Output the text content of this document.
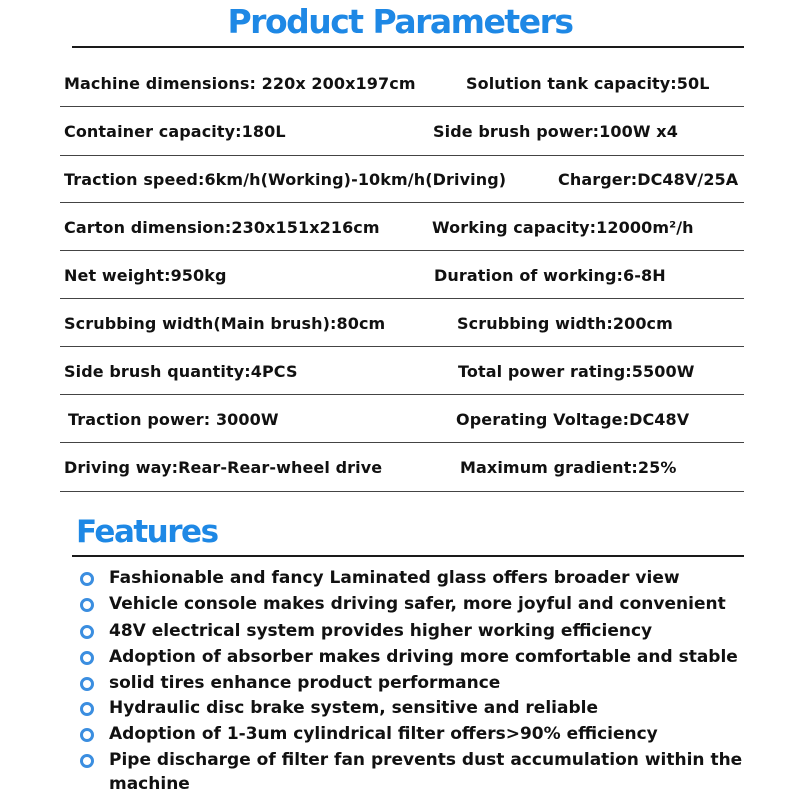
Product Parameters
Machine dimensions: 220x 200x197cm	Solution tank capacity:50L
Container capacity:180L	Side brush power:100W x4
Traction speed:6km/h(Working)-10km/h(Driving)	Charger:DC48V/25A
Carton dimension:230x151x216cm	Working capacity:12000m²/h
Net weight:950kg	Duration of working:6-8H
Scrubbing width(Main brush):80cm	Scrubbing width:200cm
Side brush quantity:4PCS	Total power rating:5500W
Traction power: 3000W	Operating Voltage:DC48V
Driving way:Rear-Rear-wheel drive	Maximum gradient:25%
Features
Fashionable and fancy Laminated glass offers broader view
Vehicle console makes driving safer, more joyful and convenient
48V electrical system provides higher working efficiency
Adoption of absorber makes driving more comfortable and stable
solid tires enhance product performance
Hydraulic disc brake system, sensitive and reliable
Adoption of 1-3um cylindrical filter offers>90% efficiency
Pipe discharge of filter fan prevents dust accumulation within the
machine
